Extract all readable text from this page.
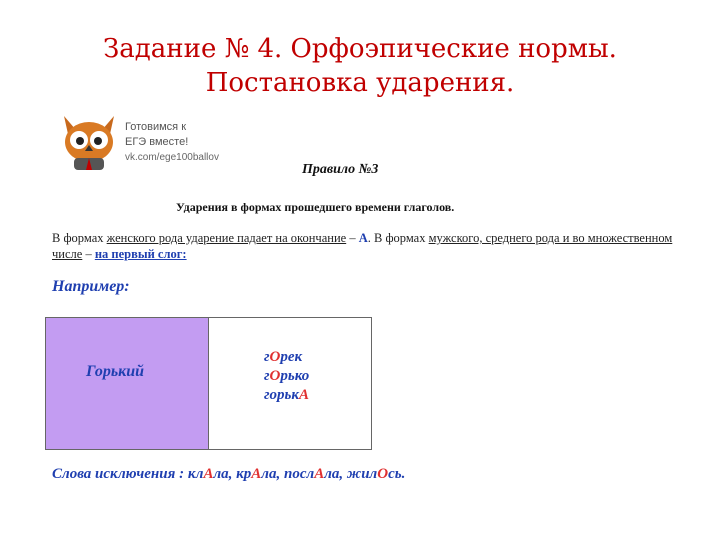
Задание № 4. Орфоэпические нормы.
Постановка ударения.
Готовимся к
ЕГЭ вместе!
vk.com/ege100ballov
Правило №3
Ударения в формах прошедшего времени глаголов.
В формах женского рода ударение падает на окончание – А. В формах мужского, среднего рода и во множественном числе – на первый слог:
Например:
Горький
гОрек
гОрько
горькА
Слова исключения : клАла, крАла, послАла, жилОсь.
